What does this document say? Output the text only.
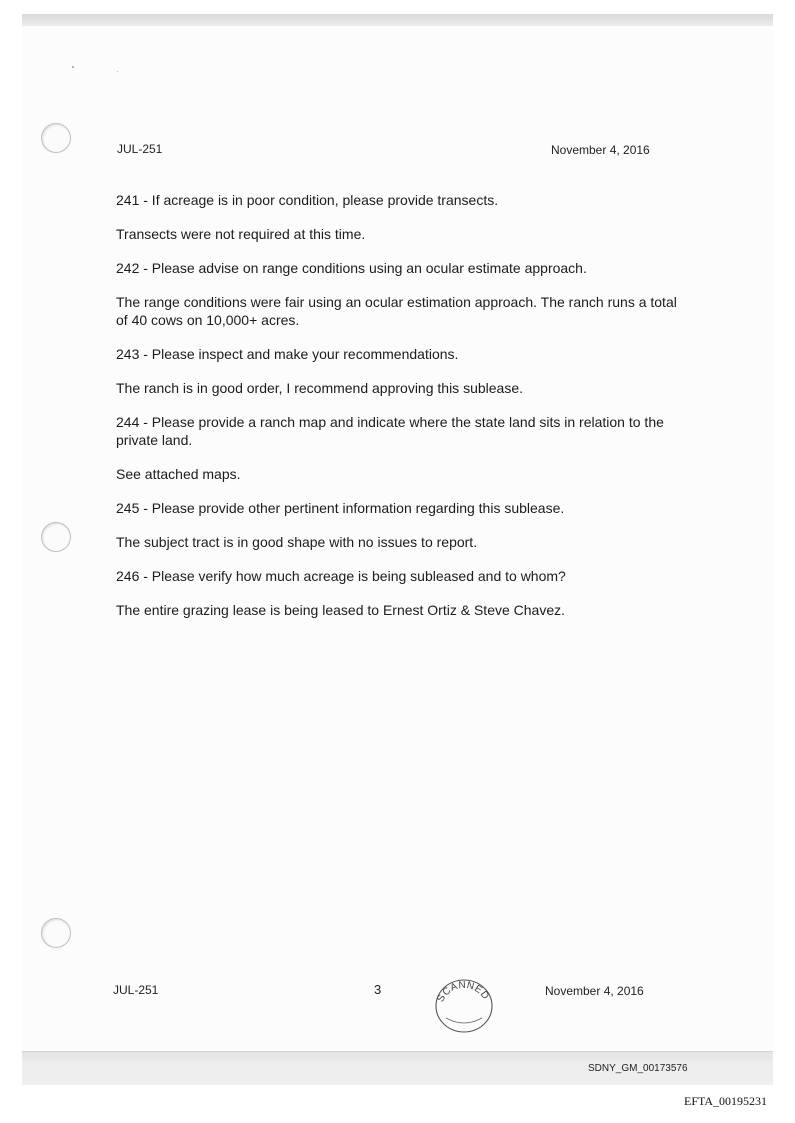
JUL-251	November 4, 2016

241 - If acreage is in poor condition, please provide transects.

Transects were not required at this time.

242 - Please advise on range conditions using an ocular estimate approach.

The range conditions were fair using an ocular estimation approach. The ranch runs a total of 40 cows on 10,000+ acres.

243 - Please inspect and make your recommendations.

The ranch is in good order, I recommend approving this sublease.

244 - Please provide a ranch map and indicate where the state land sits in relation to the private land.

See attached maps.

245 - Please provide other pertinent information regarding this sublease.

The subject tract is in good shape with no issues to report.

246 - Please verify how much acreage is being subleased and to whom?

The entire grazing lease is being leased to Ernest Ortiz & Steve Chavez.

JUL-251	3	November 4, 2016
SCANNED
SDNY_GM_00173576
EFTA_00195231
